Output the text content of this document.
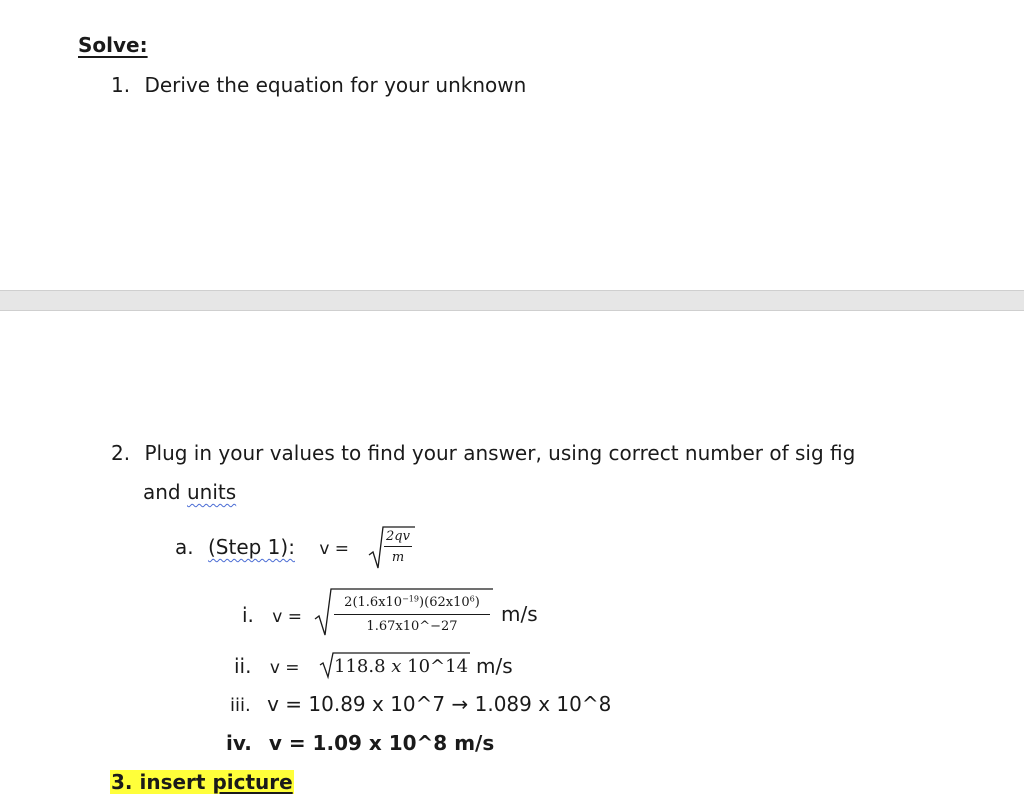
Solve:
1. Derive the equation for your unknown
2. Plug in your values to find your answer, using correct number of sig fig
and units
a. (Step 1): v =
2qv
m
i. v =
$2(1.6x10^{-19})(62x10^6)$
1.67x10^−27
m/s
ii. v = 118.8 x 10^14 m/s
iii. v = 10.89 x 10^7 → 1.089 x 10^8
iv. v = 1.09 x 10^8 m/s
3. insert picture
